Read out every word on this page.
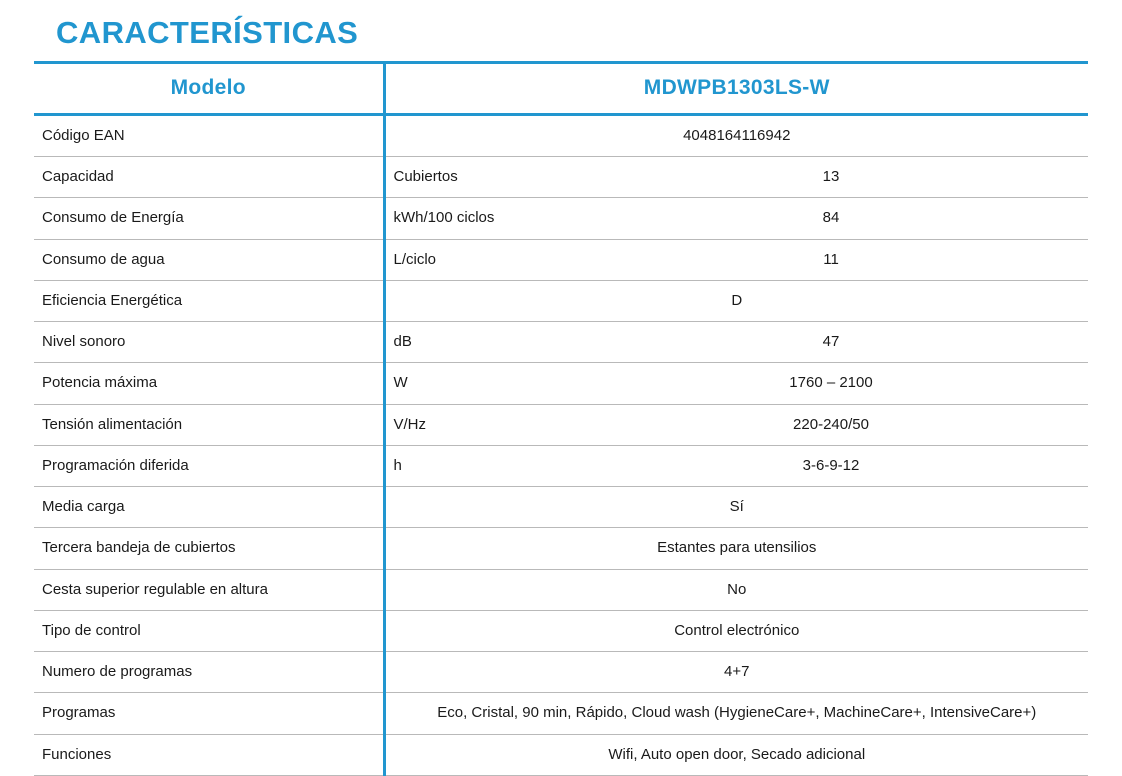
CARACTERÍSTICAS
Modelo	MDWPB1303LS-W	
Código EAN	4048164116942	
Capacidad	Cubiertos	13
Consumo de Energía	kWh/100 ciclos	84
Consumo de agua	L/ciclo	11
Eficiencia Energética	D	
Nivel sonoro	dB	47
Potencia máxima	W	1760 – 2100
Tensión alimentación	V/Hz	220-240/50
Programación diferida	h	3-6-9-12
Media carga	Sí	
Tercera bandeja de cubiertos	Estantes para utensilios	
Cesta superior regulable en altura	No	
Tipo de control	Control electrónico	
Numero de programas	4+7	
Programas	Eco, Cristal, 90 min, Rápido, Cloud wash (HygieneCare+, MachineCare+, IntensiveCare+)	
Funciones	Wifi, Auto open door, Secado adicional	
